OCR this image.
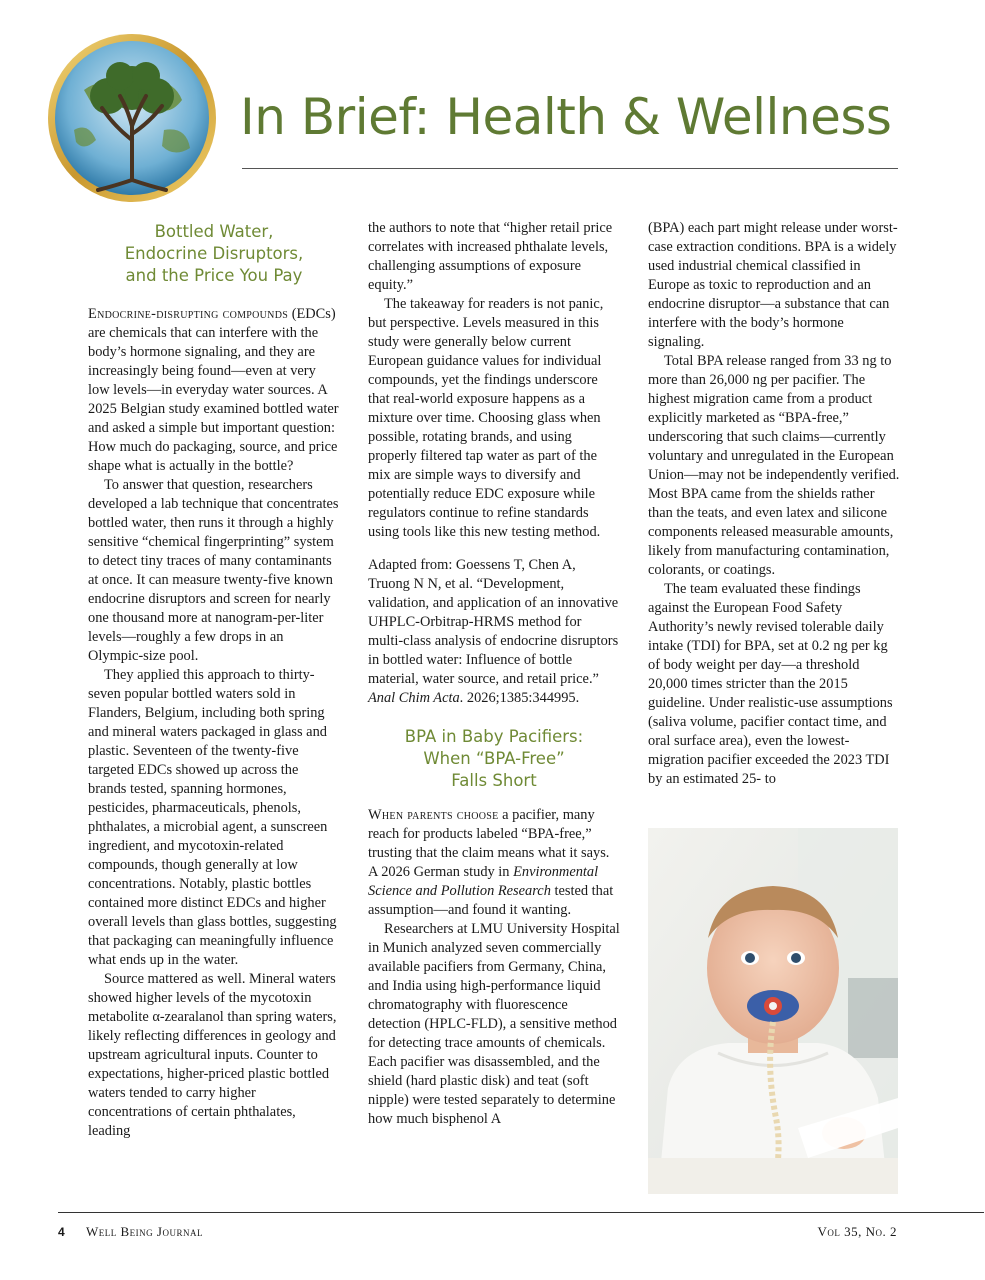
In Brief: Health & Wellness
Bottled Water,
Endocrine Disruptors,
and the Price You Pay

Endocrine-disrupting compounds (EDCs) are chemicals that can interfere with the body’s hormone signaling, and they are increasingly being found—even at very low levels—in everyday water sources. A 2025 Belgian study examined bottled water and asked a simple but important question: How much do packaging, source, and price shape what is actually in the bottle?

To answer that question, researchers developed a lab technique that concentrates bottled water, then runs it through a highly sensitive “chemical fingerprinting” system to detect tiny traces of many contaminants at once. It can measure twenty-five known endocrine disruptors and screen for nearly one thousand more at nanogram-per-liter levels—roughly a few drops in an Olympic-size pool.

They applied this approach to thirty-seven popular bottled waters sold in Flanders, Belgium, including both spring and mineral waters packaged in glass and plastic. Seventeen of the twenty-five targeted EDCs showed up across the brands tested, spanning hormones, pesticides, pharmaceuticals, phenols, phthalates, a microbial agent, a sunscreen ingredient, and mycotoxin-related compounds, though generally at low concentrations. Notably, plastic bottles contained more distinct EDCs and higher overall levels than glass bottles, suggesting that packaging can meaningfully influence what ends up in the water.

Source mattered as well. Mineral waters showed higher levels of the mycotoxin metabolite α-zearalanol than spring waters, likely reflecting differences in geology and upstream agricultural inputs. Counter to expectations, higher-priced plastic bottled waters tended to carry higher concentrations of certain phthalates, leading

the authors to note that “higher retail price correlates with increased phthalate levels, challenging assumptions of exposure equity.”

The takeaway for readers is not panic, but perspective. Levels measured in this study were generally below current European guidance values for individual compounds, yet the findings underscore that real-world exposure happens as a mixture over time. Choosing glass when possible, rotating brands, and using properly filtered tap water as part of the mix are simple ways to diversify and potentially reduce EDC exposure while regulators continue to refine standards using tools like this new testing method.

Adapted from: Goessens T, Chen A, Truong N N, et al. “Development, validation, and application of an innovative UHPLC-Orbitrap-HRMS method for multi-class analysis of endocrine disruptors in bottled water: Influence of bottle material, water source, and retail price.” Anal Chim Acta. 2026;1385:344995.

BPA in Baby Pacifiers:
When “BPA-Free”
Falls Short

When parents choose a pacifier, many reach for products labeled “BPA-free,” trusting that the claim means what it says. A 2026 German study in Environmental Science and Pollution Research tested that assumption—and found it wanting.

Researchers at LMU University Hospital in Munich analyzed seven commercially available pacifiers from Germany, China, and India using high-performance liquid chromatography with fluorescence detection (HPLC-FLD), a sensitive method for detecting trace amounts of chemicals. Each pacifier was disassembled, and the shield (hard plastic disk) and teat (soft nipple) were tested separately to determine how much bisphenol A

(BPA) each part might release under worst-case extraction conditions. BPA is a widely used industrial chemical classified in Europe as toxic to reproduction and an endocrine disruptor—a substance that can interfere with the body’s hormone signaling.

Total BPA release ranged from 33 ng to more than 26,000 ng per pacifier. The highest migration came from a product explicitly marketed as “BPA-free,” underscoring that such claims—currently voluntary and unregulated in the European Union—may not be independently verified. Most BPA came from the shields rather than the teats, and even latex and silicone components released measurable amounts, likely from manufacturing contamination, colorants, or coatings.

The team evaluated these findings against the European Food Safety Authority’s newly revised tolerable daily intake (TDI) for BPA, set at 0.2 ng per kg of body weight per day—a threshold 20,000 times stricter than the 2015 guideline. Under realistic-use assumptions (saliva volume, pacifier contact time, and oral surface area), even the lowest-migration pacifier exceeded the 2023 TDI by an estimated 25- to

4 Well Being Journal	Vol 35, No. 2
